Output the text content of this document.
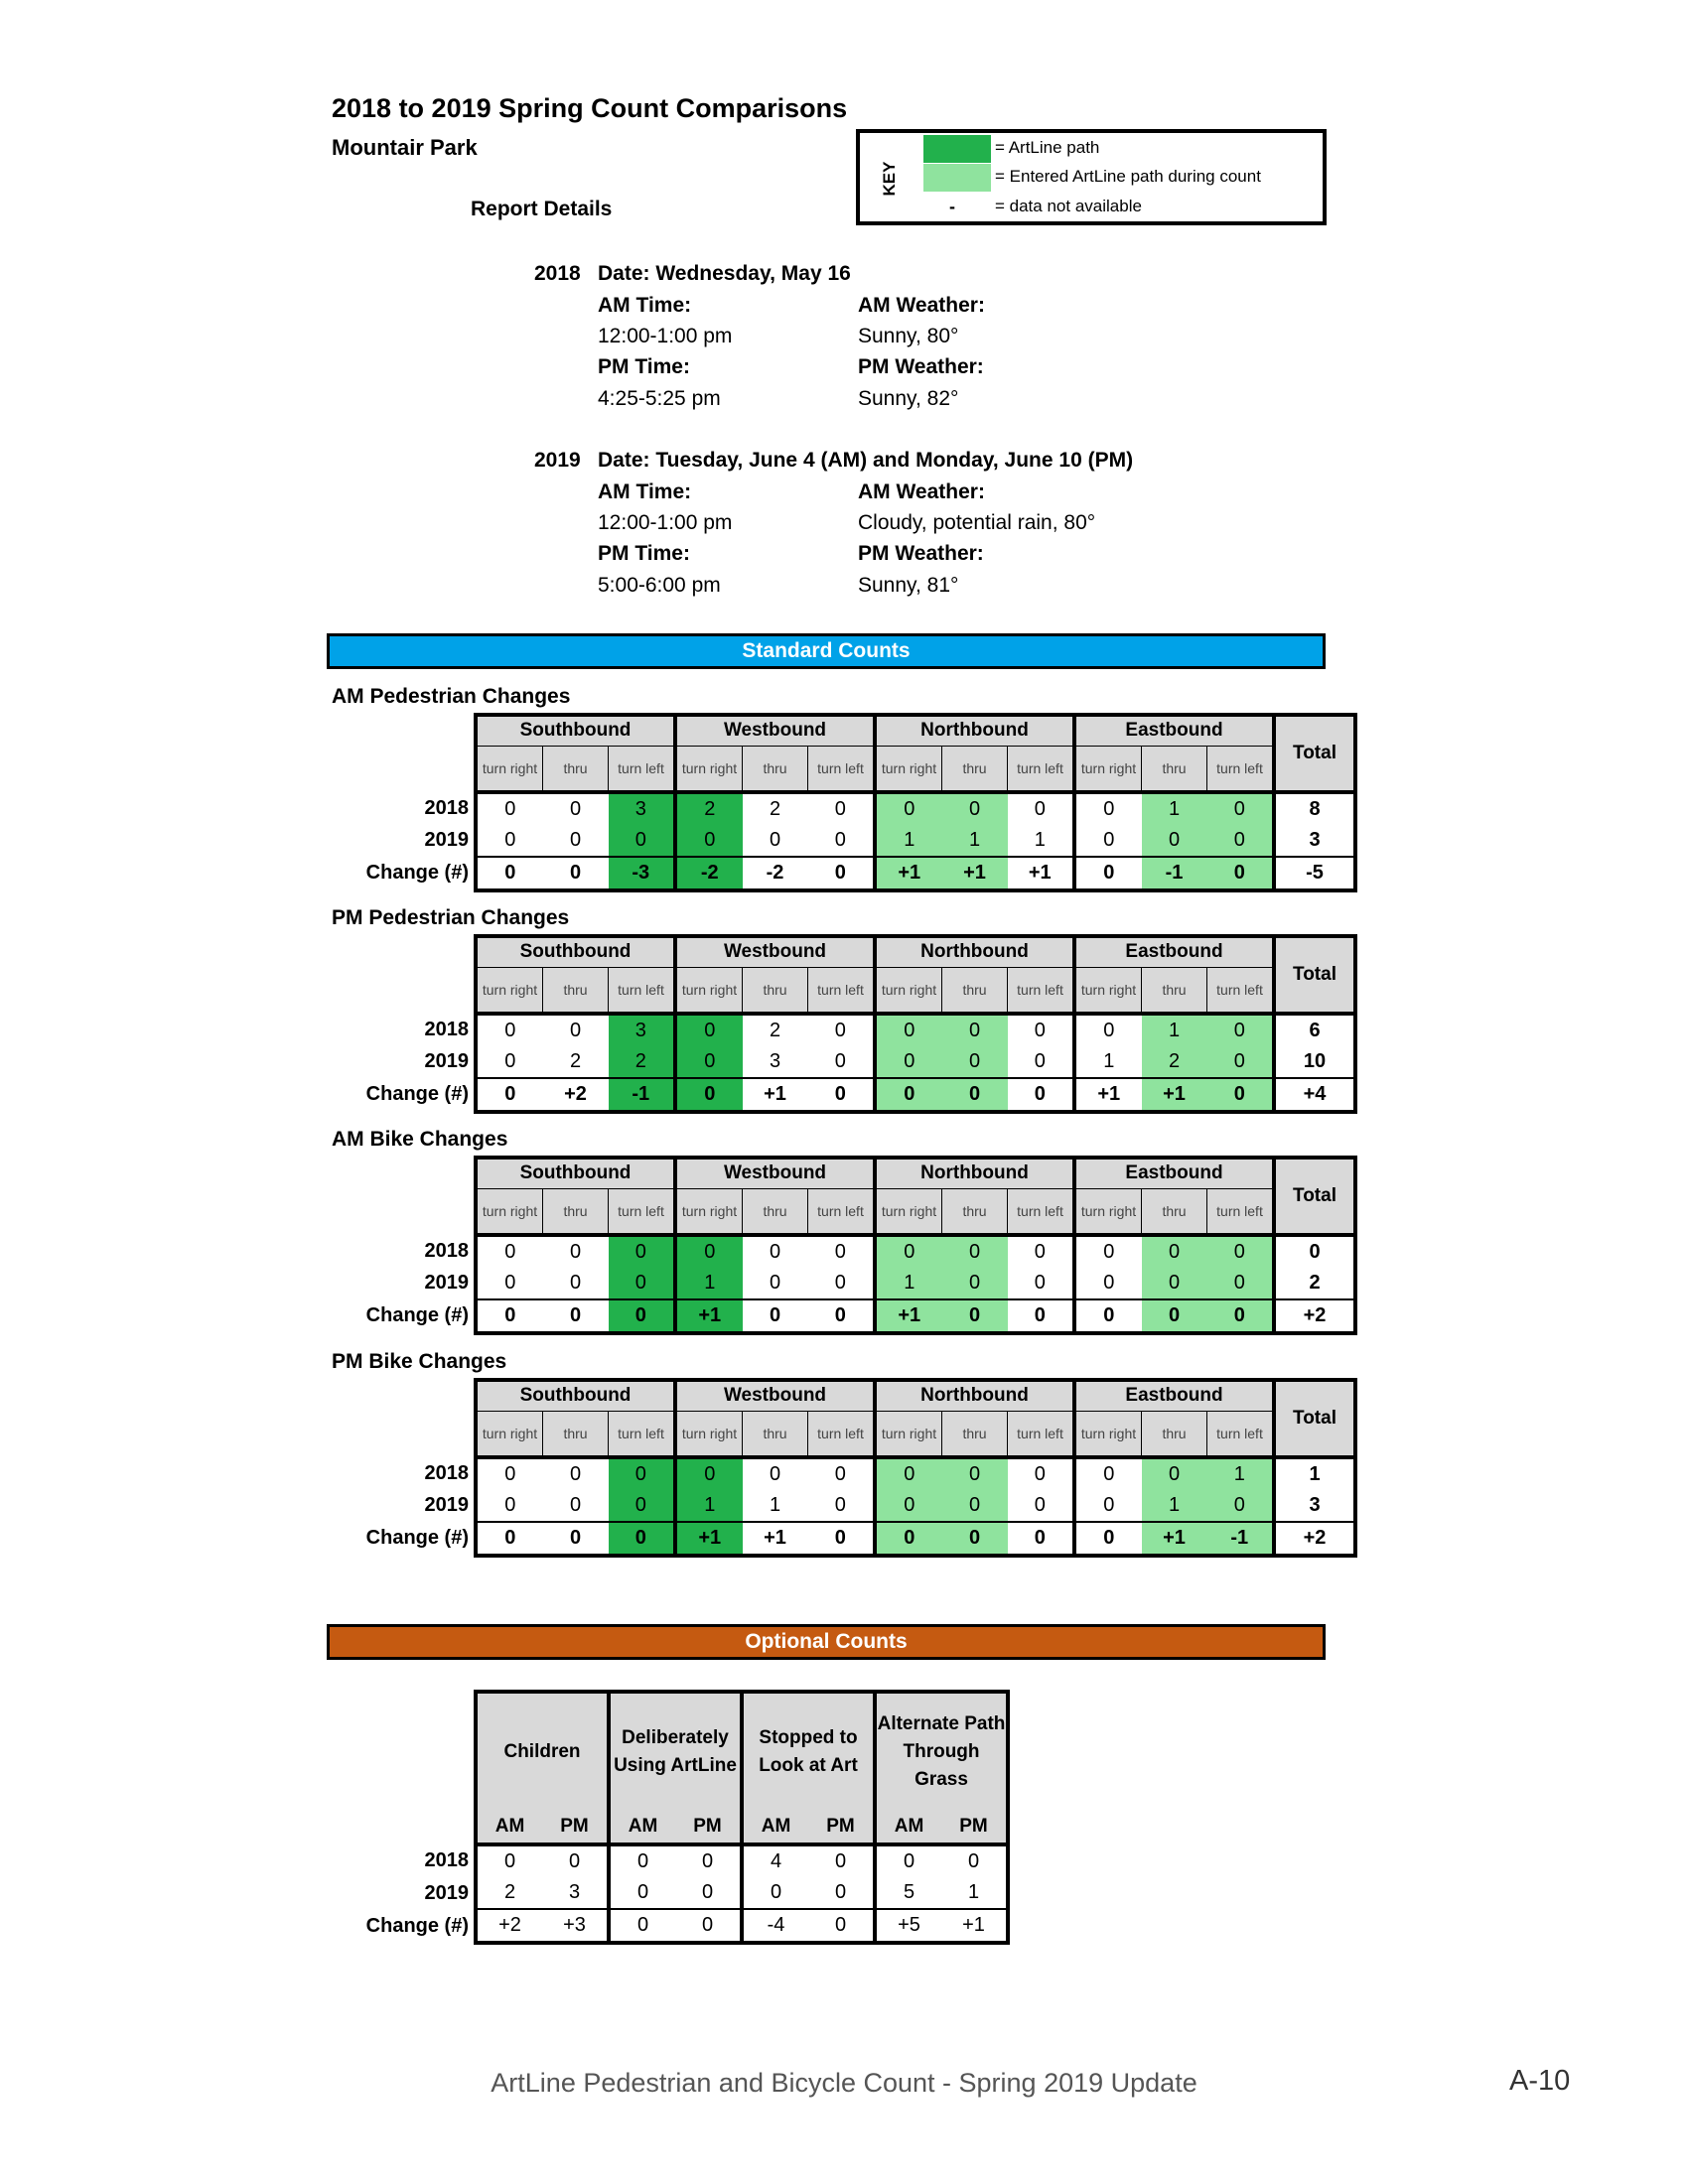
2018 to 2019 Spring Count Comparisons
Mountair Park
Report Details
KEY
-
= ArtLine path
= Entered ArtLine path during count
= data not available
2018 Date: Wednesday, May 16
AM Time:	AM Weather:
12:00-1:00 pm	Sunny, 80°
PM Time:	PM Weather:
4:25-5:25 pm	Sunny, 82°
2019 Date: Tuesday, June 4 (AM) and Monday, June 10 (PM)
AM Time:	AM Weather:
12:00-1:00 pm	Cloudy, potential rain, 80°
PM Time:	PM Weather:
5:00-6:00 pm	Sunny, 81°
Standard Counts
AM Pedestrian Changes
PM Pedestrian Changes
AM Bike Changes
PM Bike Changes
	Southbound			Westbound			Northbound			Eastbound			Total
	turn right	thru	turn left	turn right	thru	turn left	turn right	thru	turn left	turn right	thru	turn left	
2018	0	0	3	2	2	0	0	0	0	0	1	0	8
2019	0	0	0	0	0	0	1	1	1	0	0	0	3
Change (#)	0	0	-3	-2	-2	0	+1	+1	+1	0	-1	0	-5
	Southbound			Westbound			Northbound			Eastbound			Total
	turn right	thru	turn left	turn right	thru	turn left	turn right	thru	turn left	turn right	thru	turn left	
2018	0	0	3	0	2	0	0	0	0	0	1	0	6
2019	0	2	2	0	3	0	0	0	0	1	2	0	10
Change (#)	0	+2	-1	0	+1	0	0	0	0	+1	+1	0	+4
	Southbound			Westbound			Northbound			Eastbound			Total
	turn right	thru	turn left	turn right	thru	turn left	turn right	thru	turn left	turn right	thru	turn left	
2018	0	0	0	0	0	0	0	0	0	0	0	0	0
2019	0	0	0	1	0	0	1	0	0	0	0	0	2
Change (#)	0	0	0	+1	0	0	+1	0	0	0	0	0	+2
	Southbound			Westbound			Northbound			Eastbound			Total
	turn right	thru	turn left	turn right	thru	turn left	turn right	thru	turn left	turn right	thru	turn left	
2018	0	0	0	0	0	0	0	0	0	0	0	1	1
2019	0	0	0	1	1	0	0	0	0	0	1	0	3
Change (#)	0	0	0	+1	+1	0	0	0	0	0	+1	-1	+2
Optional Counts
	Children		Deliberately Using ArtLine		Stopped to Look at Art		Alternate Path Through Grass	
	AM	PM	AM	PM	AM	PM	AM	PM
2018	0	0	0	0	4	0	0	0
2019	2	3	0	0	0	0	5	1
Change (#)	+2	+3	0	0	-4	0	+5	+1
ArtLine Pedestrian and Bicycle Count - Spring 2019 Update	A-10
